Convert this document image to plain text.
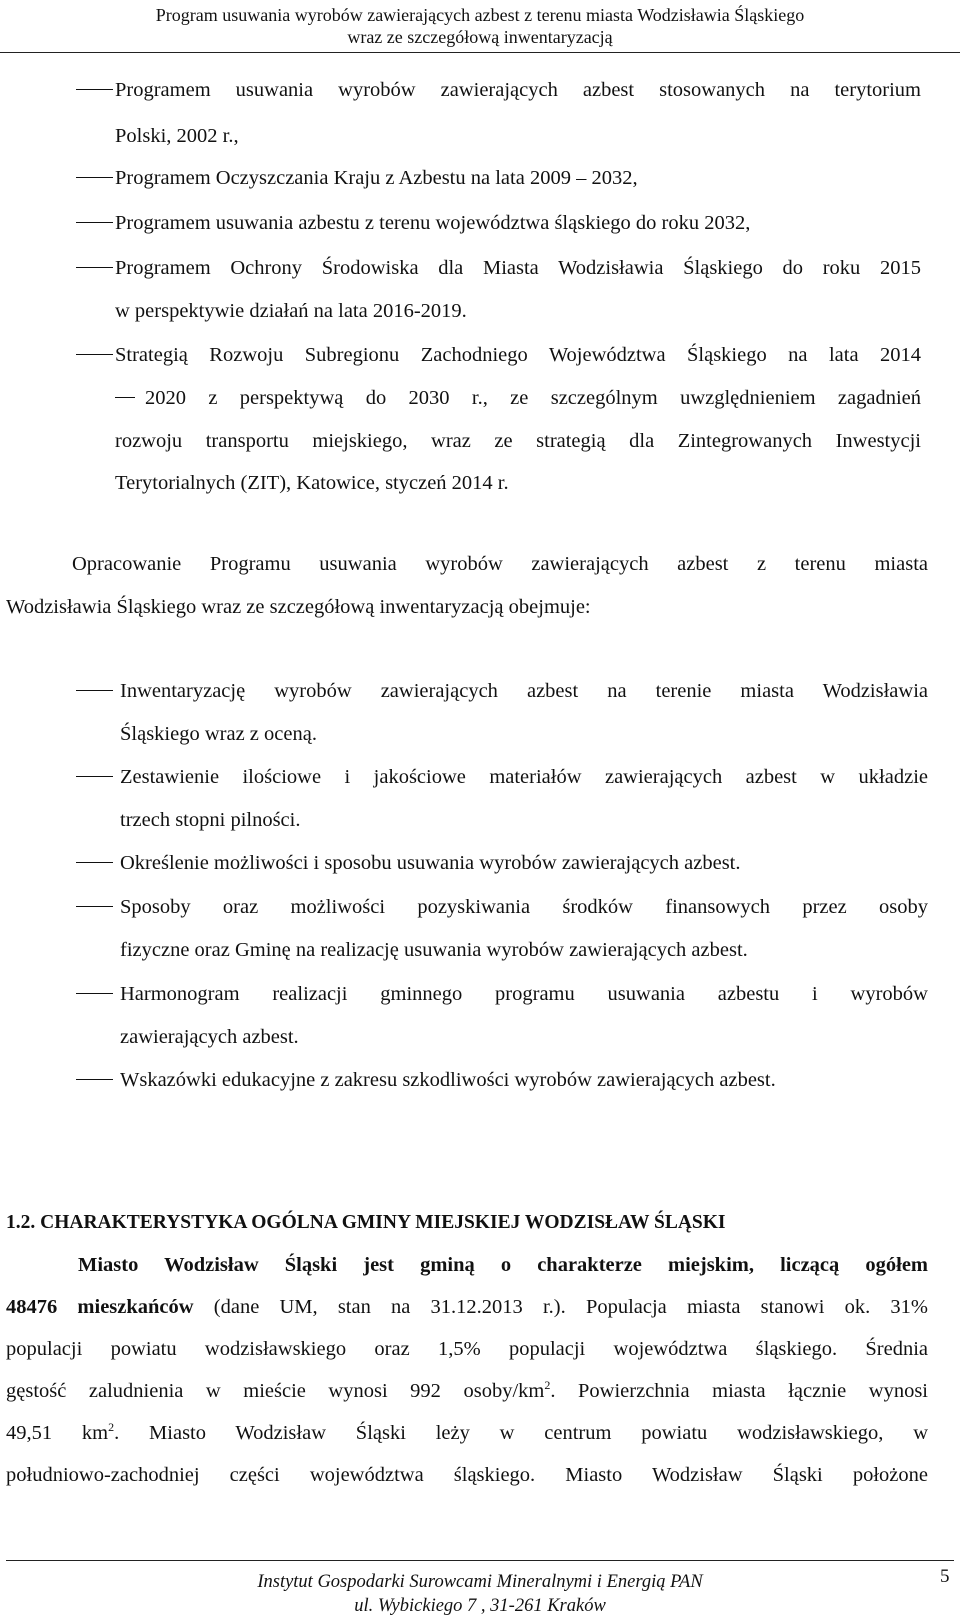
Program usuwania wyrobów zawierających azbest z terenu miasta Wodzisławia Śląskiego
wraz ze szczegółową inwentaryzacją
Programem usuwania wyrobów zawierających azbest stosowanych na terytorium
Polski, 2002 r.,
Programem Oczyszczania Kraju z Azbestu na lata 2009 – 2032,
Programem usuwania azbestu z terenu województwa śląskiego do roku 2032,
Programem Ochrony Środowiska dla Miasta Wodzisławia Śląskiego do roku 2015
w perspektywie działań na lata 2016-2019.
Strategią Rozwoju Subregionu Zachodniego Województwa Śląskiego na lata 2014
2020 z perspektywą do 2030 r., ze szczególnym uwzględnieniem zagadnień
rozwoju transportu miejskiego, wraz ze strategią dla Zintegrowanych Inwestycji
Terytorialnych (ZIT), Katowice, styczeń 2014 r.
Opracowanie Programu usuwania wyrobów zawierających azbest z terenu miasta
Wodzisławia Śląskiego wraz ze szczegółową inwentaryzacją obejmuje:
Inwentaryzację wyrobów zawierających azbest na terenie miasta Wodzisławia
Śląskiego wraz z oceną.
Zestawienie ilościowe i jakościowe materiałów zawierających azbest w układzie
trzech stopni pilności.
Określenie możliwości i sposobu usuwania wyrobów zawierających azbest.
Sposoby oraz możliwości pozyskiwania środków finansowych przez osoby
fizyczne oraz Gminę na realizację usuwania wyrobów zawierających azbest.
Harmonogram realizacji gminnego programu usuwania azbestu i wyrobów
zawierających azbest.
Wskazówki edukacyjne z zakresu szkodliwości wyrobów zawierających azbest.
1.2. CHARAKTERYSTYKA OGÓLNA GMINY MIEJSKIEJ WODZISŁAW ŚLĄSKI
Miasto Wodzisław Śląski jest gminą o charakterze miejskim, liczącą ogółem
48476 mieszkańców (dane UM, stan na 31.12.2013 r.). Populacja miasta stanowi ok. 31%
populacji powiatu wodzisławskiego oraz 1,5% populacji województwa śląskiego. Średnia
gęstość zaludnienia w mieście wynosi 992 osoby/$km^2$. Powierzchnia miasta łącznie wynosi
49,51 $km^2$. Miasto Wodzisław Śląski leży w centrum powiatu wodzisławskiego, w
południowo-zachodniej części województwa śląskiego. Miasto Wodzisław Śląski położone
Instytut Gospodarki Surowcami Mineralnymi i Energią PAN
ul. Wybickiego 7 , 31-261 Kraków
5
